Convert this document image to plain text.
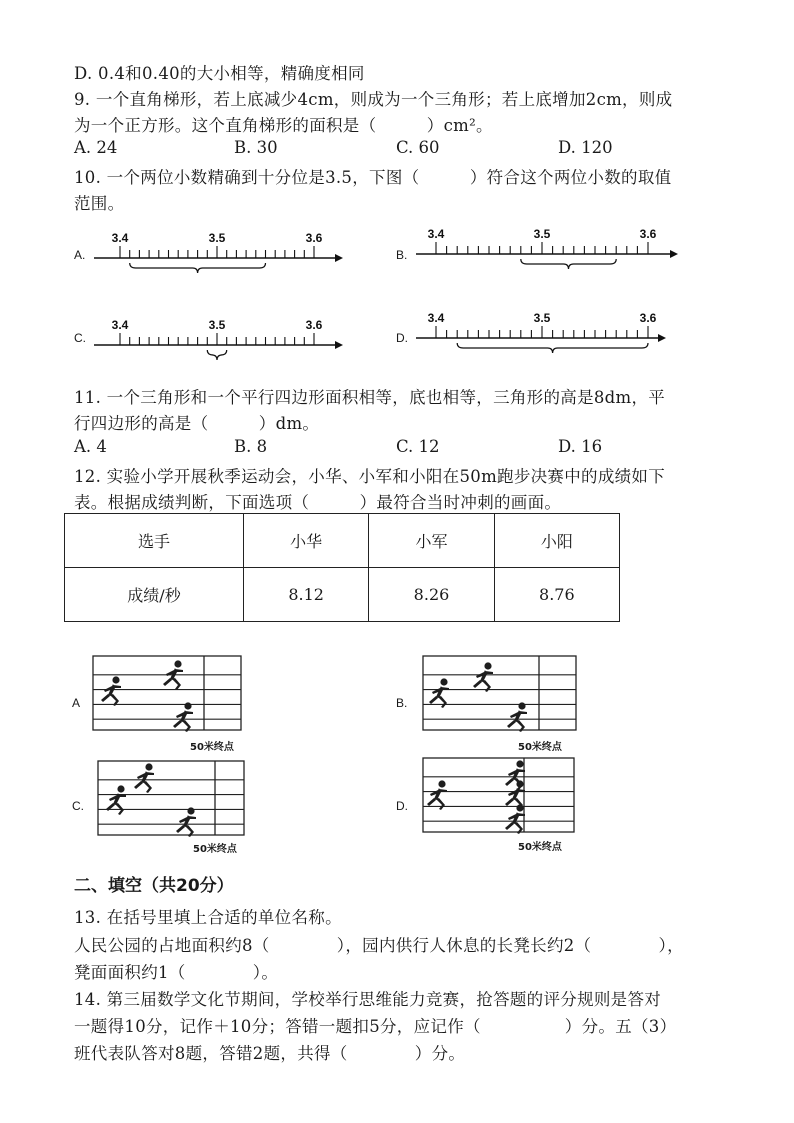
D. 0.4和0.40的大小相等，精确度相同
9. 一个直角梯形，若上底减少4cm，则成为一个三角形；若上底增加2cm，则成
为一个正方形。这个直角梯形的面积是（　　　）cm²。
A. 24	B. 30	C. 60	D. 120
10. 一个两位小数精确到十分位是3.5，下图（　　　）符合这个两位小数的取值
范围。
A.
3.4	3.5	3.6
B.
3.4	3.5	3.6
C.
3.4	3.5	3.6
D.
3.4	3.5	3.6
11. 一个三角形和一个平行四边形面积相等，底也相等，三角形的高是8dm，平
行四边形的高是（　　　）dm。
A. 4	B. 8	C. 12	D. 16
12. 实验小学开展秋季运动会，小华、小军和小阳在50m跑步决赛中的成绩如下
表。根据成绩判断，下面选项（　　　）最符合当时冲刺的画面。
选手	小华	小军	小阳
成绩/秒	8.12	8.26	8.76
A
50米终点
B.
50米终点
C.
50米终点
D.
50米终点
二、填空（共20分）
13. 在括号里填上合适的单位名称。
人民公园的占地面积约8（　　　　），园内供行人休息的长凳长约2（　　　　），
凳面面积约1（　　　　）。
14. 第三届数学文化节期间，学校举行思维能力竞赛，抢答题的评分规则是答对
一题得10分，记作＋10分；答错一题扣5分，应记作（　　　　　）分。五（3）
班代表队答对8题，答错2题，共得（　　　　）分。
